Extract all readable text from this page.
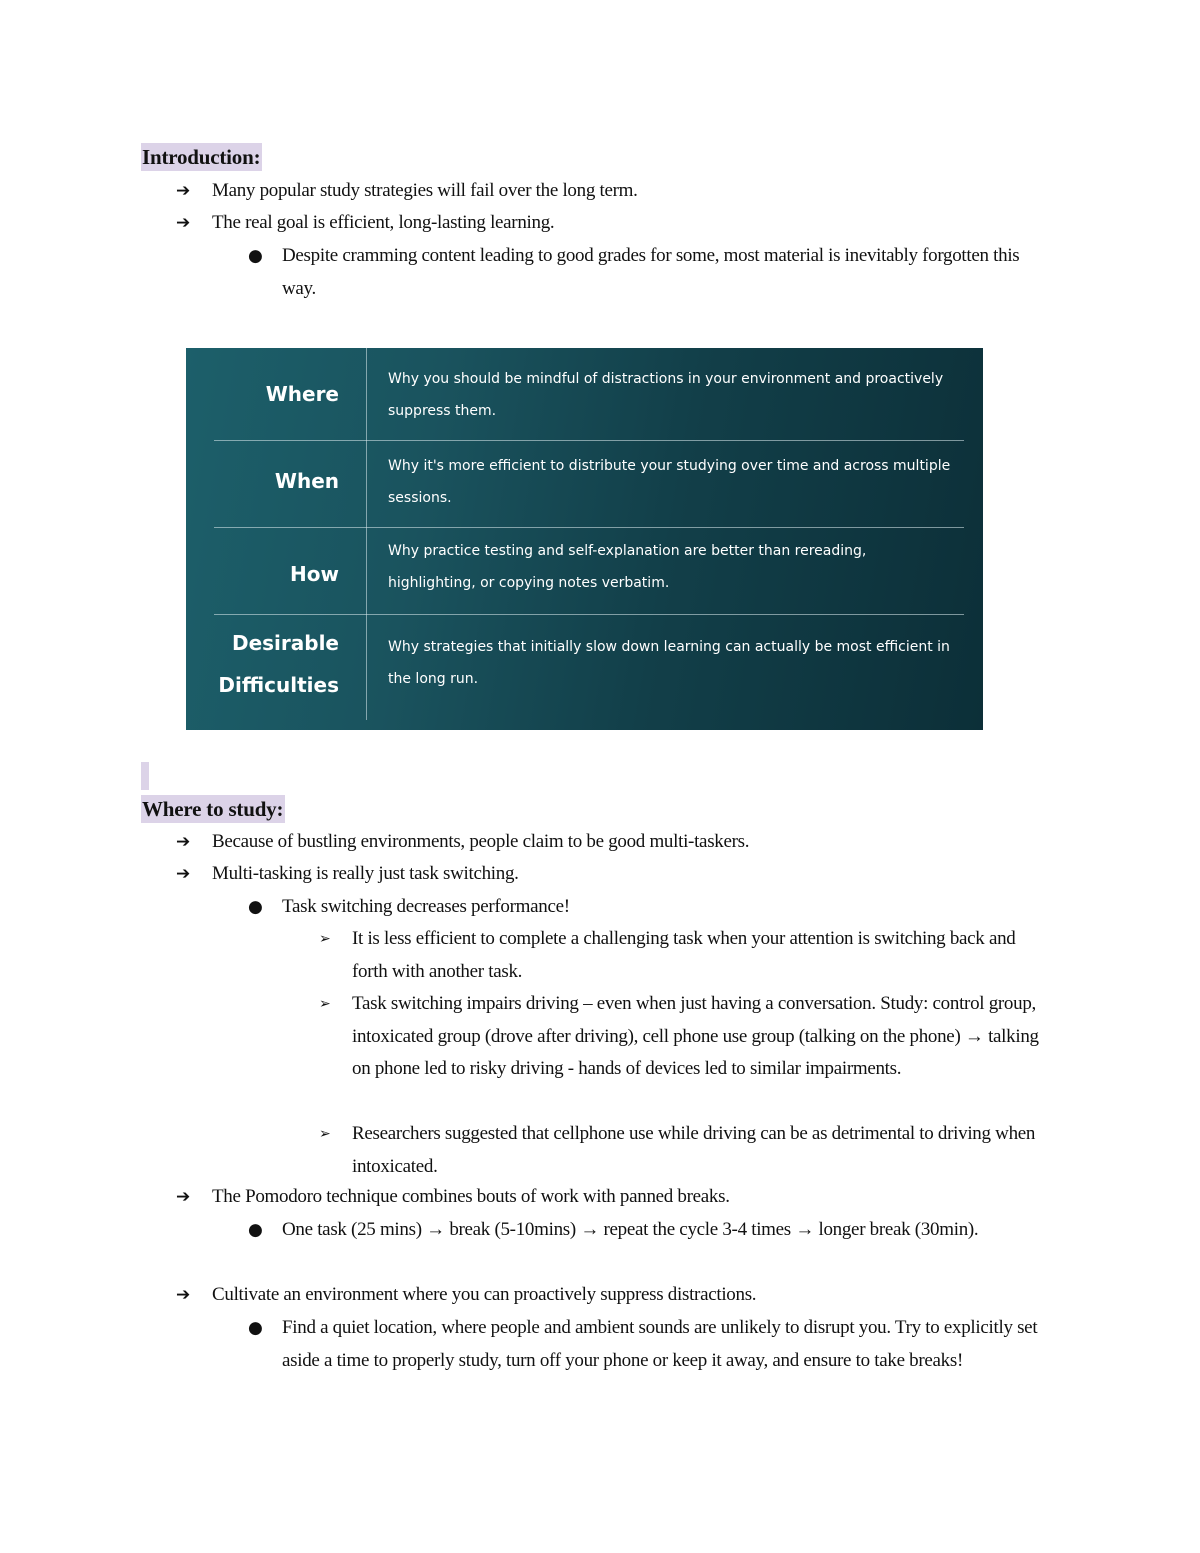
Introduction:
➔ Many popular study strategies will fail over the long term.
➔ The real goal is efficient, long-lasting learning.
● Despite cramming content leading to good grades for some, most material is inevitably forgotten this way.
Where
Why you should be mindful of distractions in your environment and proactively suppress them.
When
Why it's more efficient to distribute your studying over time and across multiple sessions.
How
Why practice testing and self-explanation are better than rereading, highlighting, or copying notes verbatim.
Desirable Difficulties
Why strategies that initially slow down learning can actually be most efficient in the long run.
Where to study:
➔ Because of bustling environments, people claim to be good multi-taskers.
➔ Multi-tasking is really just task switching.
● Task switching decreases performance!
➢ It is less efficient to complete a challenging task when your attention is switching back and forth with another task.
➢ Task switching impairs driving – even when just having a conversation. Study: control group, intoxicated group (drove after driving), cell phone use group (talking on the phone) → talking on phone led to risky driving - hands of devices led to similar impairments.
➢ Researchers suggested that cellphone use while driving can be as detrimental to driving when intoxicated.
➔ The Pomodoro technique combines bouts of work with panned breaks.
● One task (25 mins) → break (5-10mins) → repeat the cycle 3-4 times → longer break (30min).
➔ Cultivate an environment where you can proactively suppress distractions.
● Find a quiet location, where people and ambient sounds are unlikely to disrupt you. Try to explicitly set aside a time to properly study, turn off your phone or keep it away, and ensure to take breaks!
